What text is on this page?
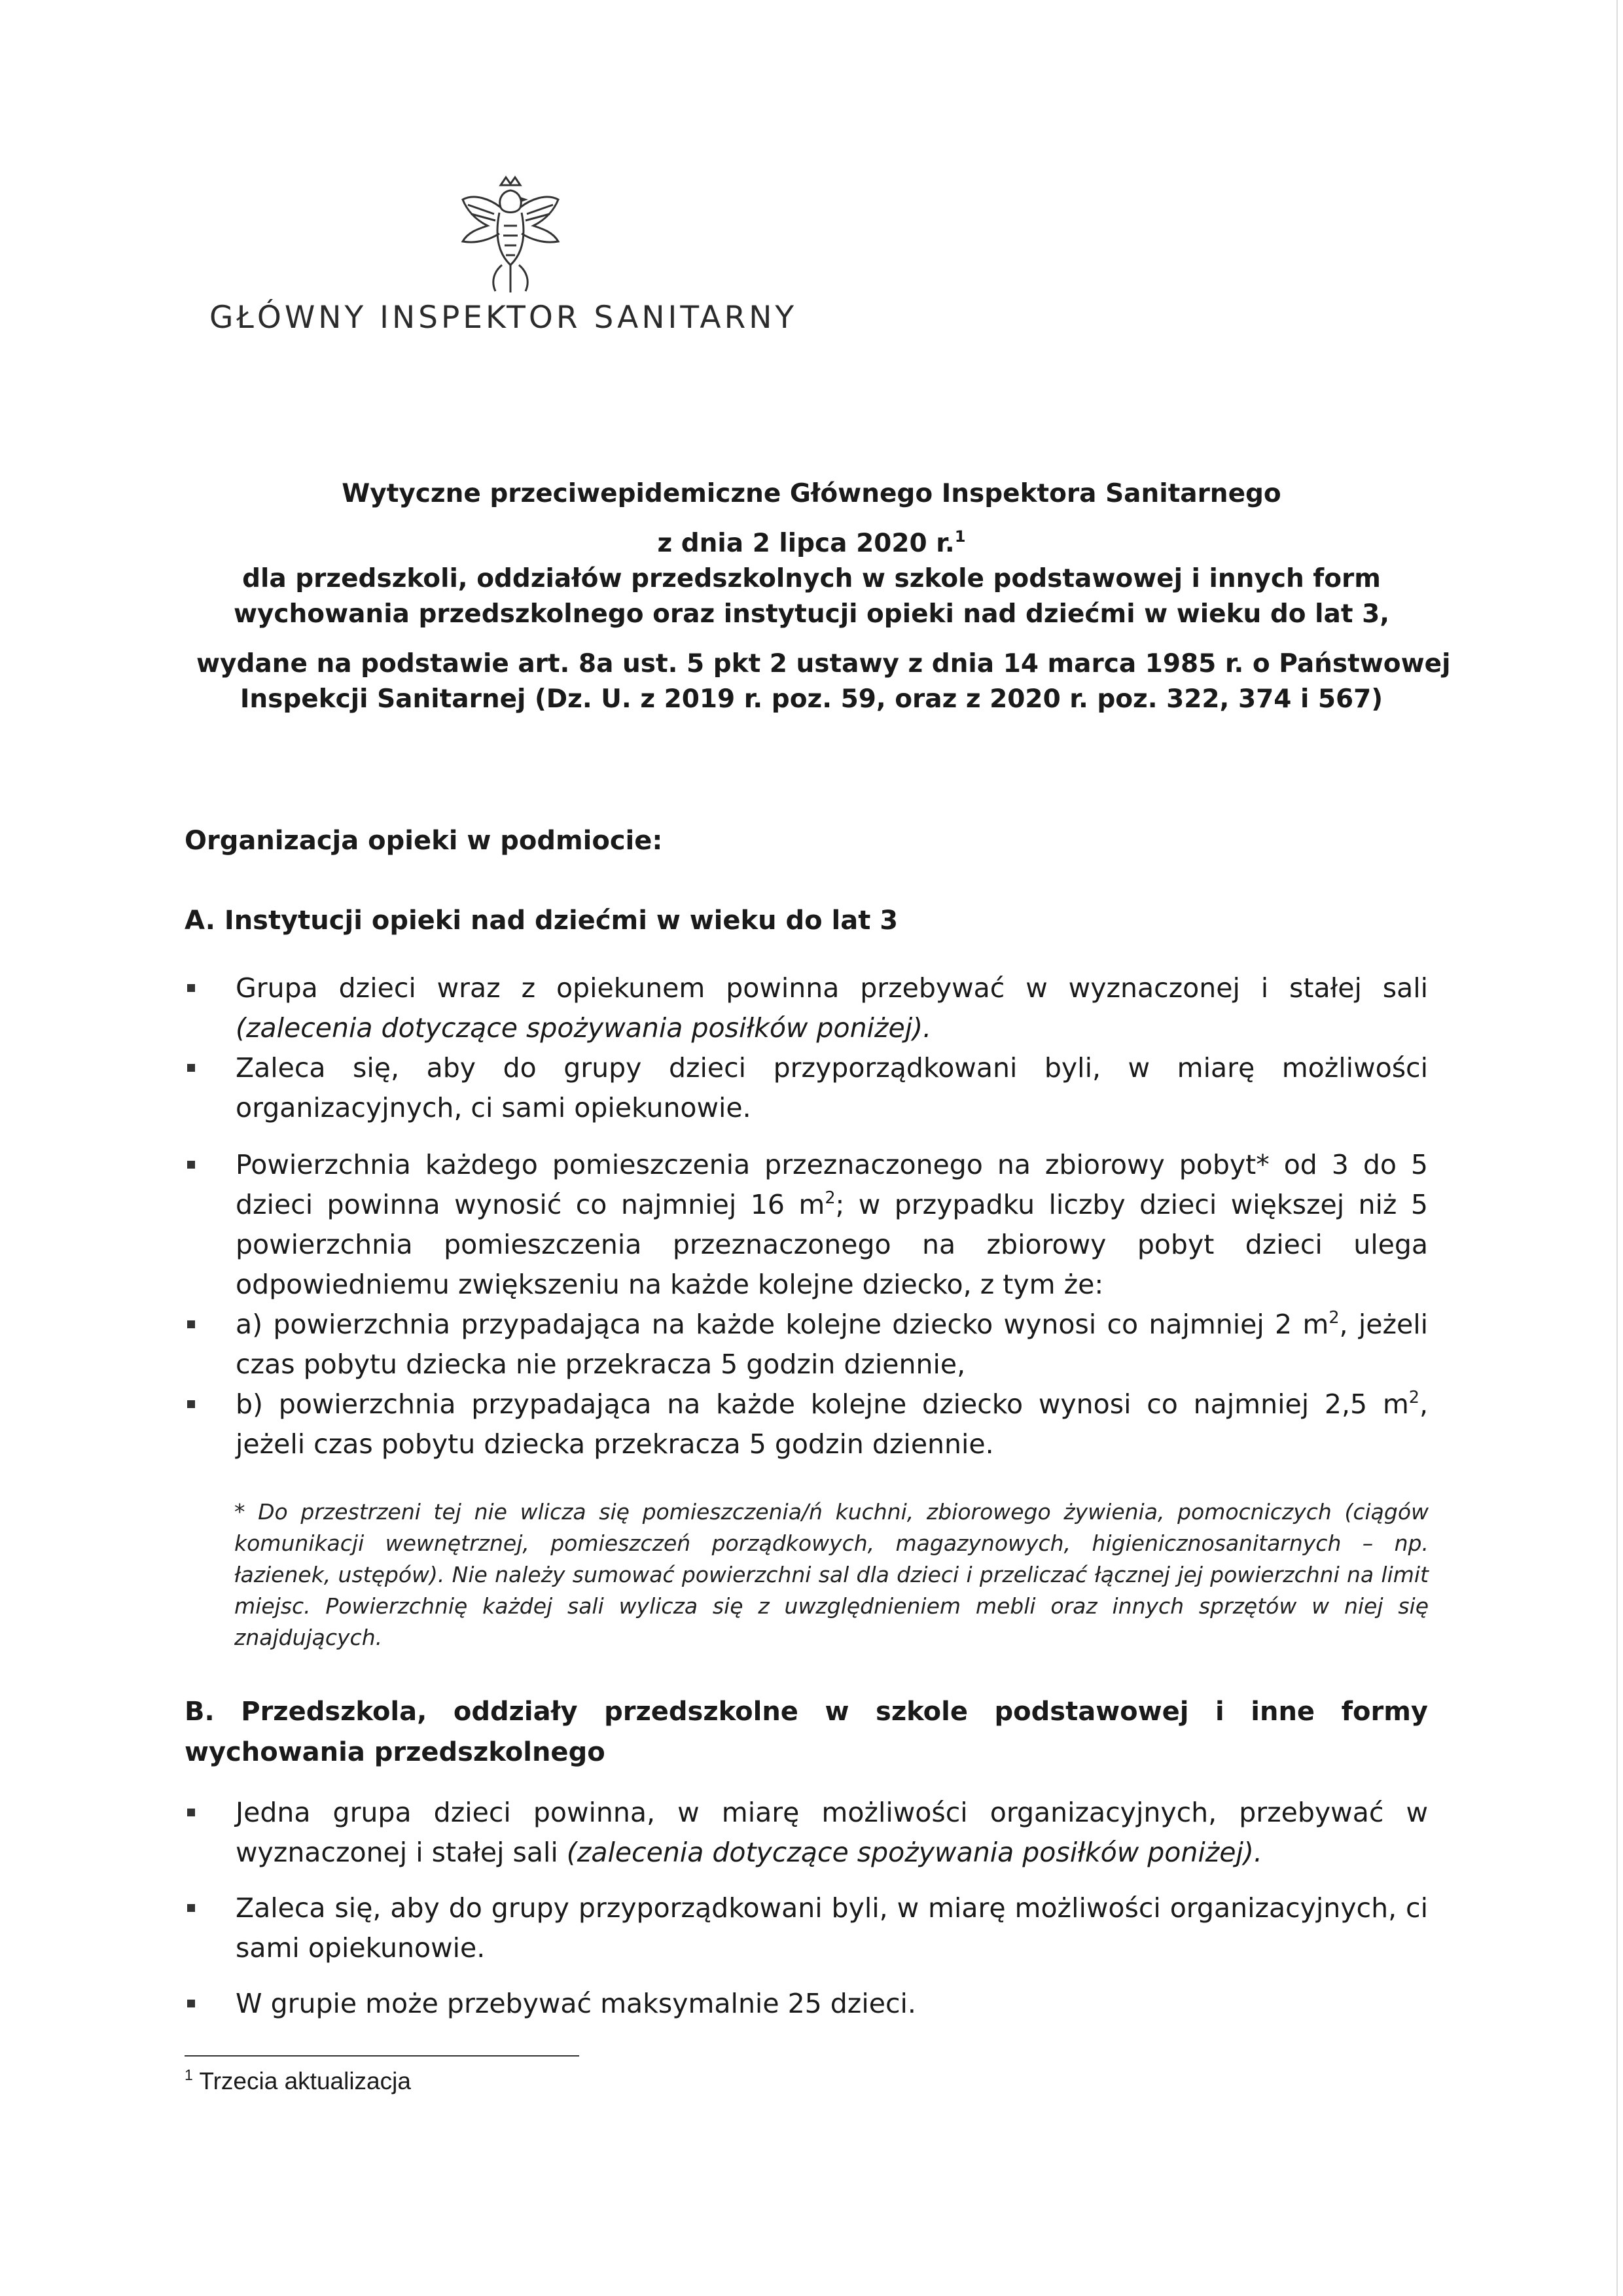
GŁÓWNY INSPEKTOR SANITARNY
Wytyczne przeciwepidemiczne Głównego Inspektora Sanitarnego
z dnia 2 lipca 2020 r.$^1$
dla przedszkoli, oddziałów przedszkolnych w szkole podstawowej i innych form
wychowania przedszkolnego oraz instytucji opieki nad dziećmi w wieku do lat 3,
wydane na podstawie art. 8a ust. 5 pkt 2 ustawy z dnia 14 marca 1985 r. o Państwowej
Inspekcji Sanitarnej (Dz. U. z 2019 r. poz. 59, oraz z 2020 r. poz. 322, 374 i 567)
Organizacja opieki w podmiocie:
A. Instytucji opieki nad dziećmi w wieku do lat 3
Grupa dzieci wraz z opiekunem powinna przebywać w wyznaczonej i stałej sali (zalecenia dotyczące spożywania posiłków poniżej).
Zaleca się, aby do grupy dzieci przyporządkowani byli, w miarę możliwości organizacyjnych, ci sami opiekunowie.
Powierzchnia każdego pomieszczenia przeznaczonego na zbiorowy pobyt* od 3 do 5 dzieci powinna wynosić co najmniej 16 $m^2$; w przypadku liczby dzieci większej niż 5 powierzchnia pomieszczenia przeznaczonego na zbiorowy pobyt dzieci ulega odpowiedniemu zwiększeniu na każde kolejne dziecko, z tym że:
a) powierzchnia przypadająca na każde kolejne dziecko wynosi co najmniej 2 $m^2$, jeżeli czas pobytu dziecka nie przekracza 5 godzin dziennie,
b) powierzchnia przypadająca na każde kolejne dziecko wynosi co najmniej 2,5 $m^2$, jeżeli czas pobytu dziecka przekracza 5 godzin dziennie.
* Do przestrzeni tej nie wlicza się pomieszczenia/ń kuchni, zbiorowego żywienia, pomocniczych (ciągów komunikacji wewnętrznej, pomieszczeń porządkowych, magazynowych, higienicznosanitarnych – np. łazienek, ustępów). Nie należy sumować powierzchni sal dla dzieci i przeliczać łącznej jej powierzchni na limit miejsc. Powierzchnię każdej sali wylicza się z uwzględnieniem mebli oraz innych sprzętów w niej się znajdujących.
B. Przedszkola, oddziały przedszkolne w szkole podstawowej i inne formy wychowania przedszkolnego
Jedna grupa dzieci powinna, w miarę możliwości organizacyjnych, przebywać w wyznaczonej i stałej sali (zalecenia dotyczące spożywania posiłków poniżej).
Zaleca się, aby do grupy przyporządkowani byli, w miarę możliwości organizacyjnych, ci sami opiekunowie.
W grupie może przebywać maksymalnie 25 dzieci.
$^1$ Trzecia aktualizacja
